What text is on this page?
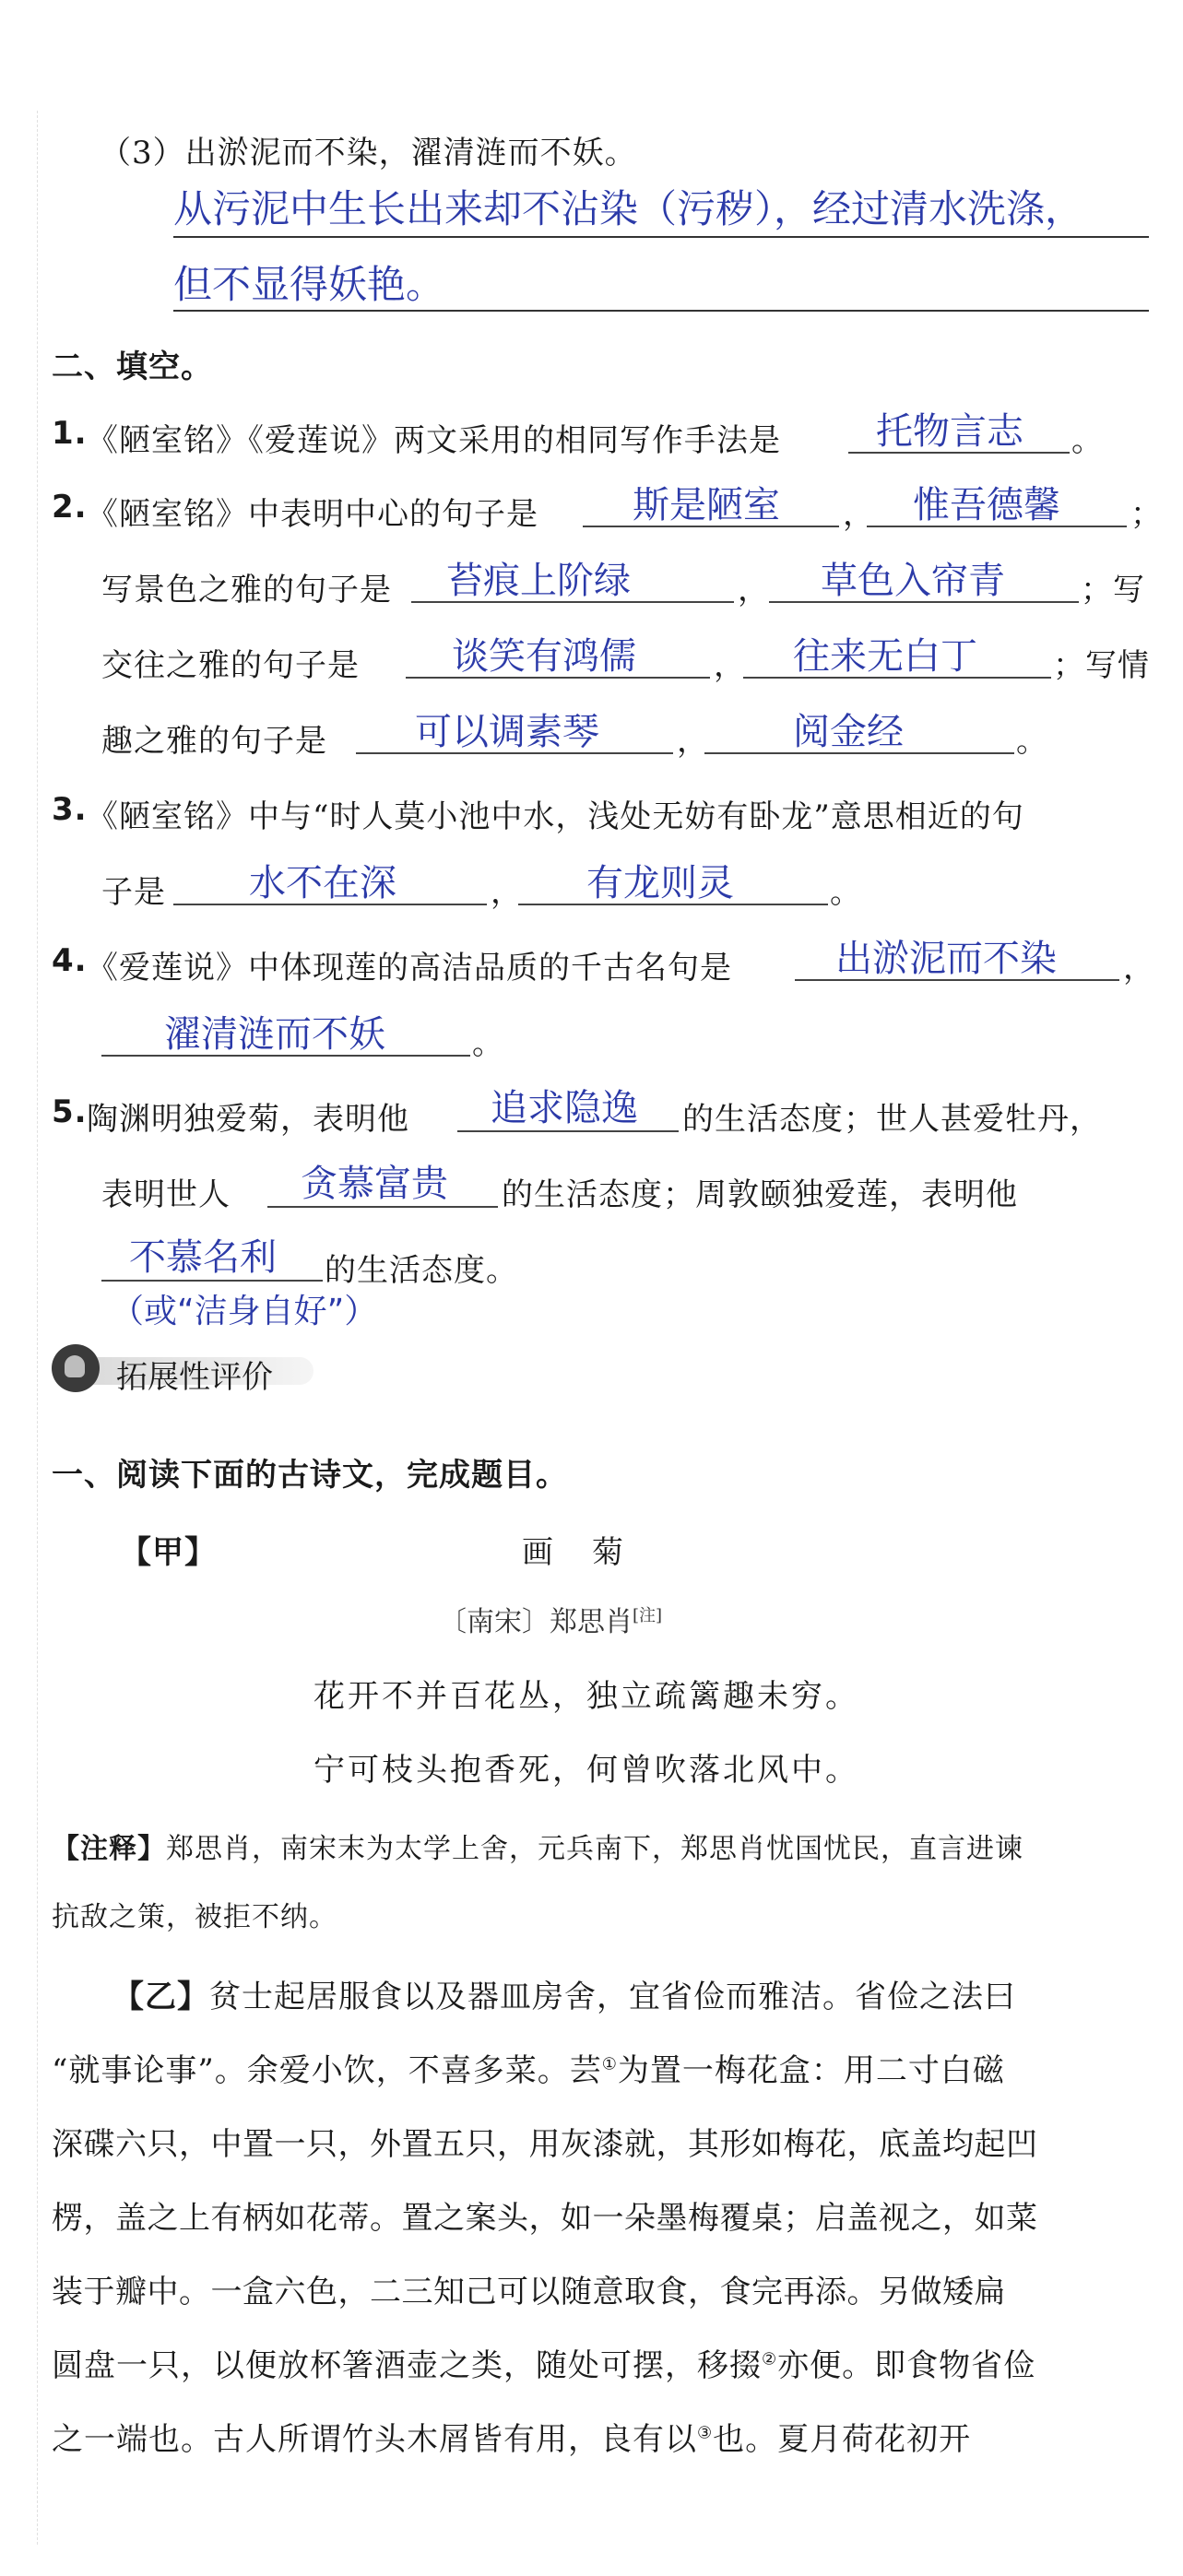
（3）出淤泥而不染，濯清涟而不妖。
从污泥中生长出来却不沾染（污秽），经过清水洗涤，
但不显得妖艳。
二、填空。
1. 《陋室铭》《爱莲说》两文采用的相同写作手法是	托物言志 。
2. 《陋室铭》中表明中心的句子是	斯是陋室 ， 惟吾德馨 ；
写景色之雅的句子是 苔痕上阶绿	， 草色入帘青 ；写
交往之雅的句子是	谈笑有鸿儒 ， 往来无白丁 ；写情
趣之雅的句子是 可以调素琴 ， 阅金经	。
3. 《陋室铭》中与“时人莫小池中水，浅处无妨有卧龙”意思相近的句
子是 水不在深	， 有龙则灵	。
4. 《爱莲说》中体现莲的高洁品质的千古名句是	出淤泥而不染 ，
濯清涟而不妖	。
5. 陶渊明独爱菊，表明他 追求隐逸 的生活态度；世人甚爱牡丹，
表明世人 贪慕富贵 的生活态度；周敦颐独爱莲，表明他
不慕名利 的生活态度。
（或“洁身自好”）
拓展性评价
一、阅读下面的古诗文，完成题目。
【甲】	画　菊
〔南宋〕郑思肖[注]
花开不并百花丛，独立疏篱趣未穷。
宁可枝头抱香死，何曾吹落北风中。
【注释】郑思肖，南宋末为太学上舍，元兵南下，郑思肖忧国忧民，直言进谏
抗敌之策，被拒不纳。
【乙】贫士起居服食以及器皿房舍，宜省俭而雅洁。省俭之法曰
“就事论事”。余爱小饮，不喜多菜。芸①为置一梅花盒：用二寸白磁
深碟六只，中置一只，外置五只，用灰漆就，其形如梅花，底盖均起凹
楞，盖之上有柄如花蒂。置之案头，如一朵墨梅覆桌；启盖视之，如菜
装于瓣中。一盒六色，二三知己可以随意取食，食完再添。另做矮扁
圆盘一只，以便放杯箸酒壶之类，随处可摆，移掇②亦便。即食物省俭
之一端也。古人所谓竹头木屑皆有用，良有以③也。夏月荷花初开
